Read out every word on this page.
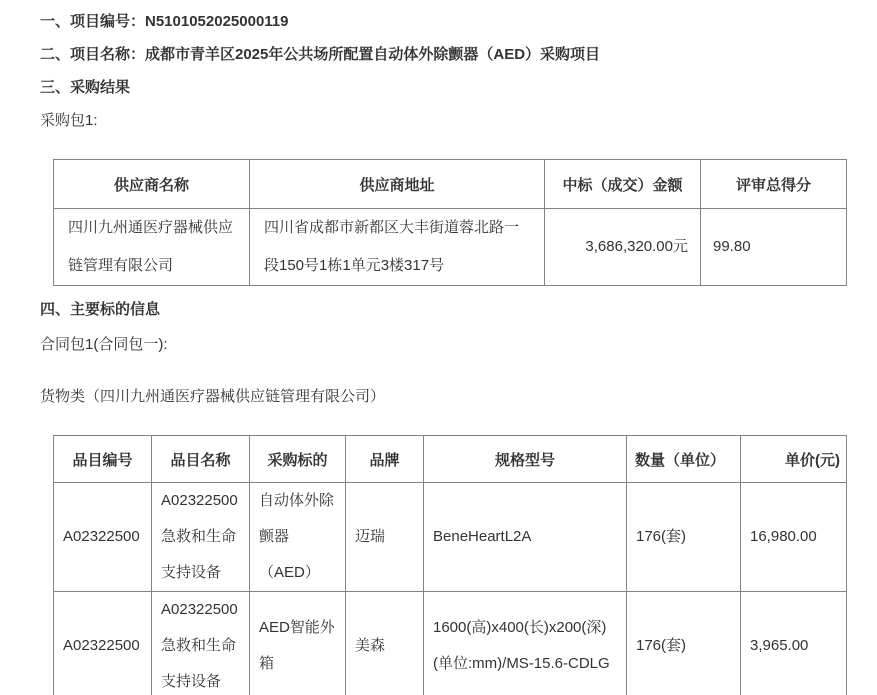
一、项目编号：N5101052025000119
二、项目名称：成都市青羊区2025年公共场所配置自动体外除颤器（AED）采购项目
三、采购结果
采购包1:
供应商名称	供应商地址	中标（成交）金额	评审总得分
四川九州通医疗器械供应链管理有限公司	四川省成都市新都区大丰街道蓉北路一段150号1栋1单元3楼317号	3,686,320.00元	99.80
四、主要标的信息
合同包1(合同包一):
货物类（四川九州通医疗器械供应链管理有限公司）
品目编号	品目名称	采购标的	品牌	规格型号	数量（单位）	单价(元)
A02322500	A02322500急救和生命支持设备	自动体外除颤器（AED）	迈瑞	BeneHeartL2A	176(套)	16,980.00
A02322500	A02322500急救和生命支持设备	AED智能外箱	美森	1600(高)x400(长)x200(深)(单位:mm)/MS-15.6-CDLG	176(套)	3,965.00
